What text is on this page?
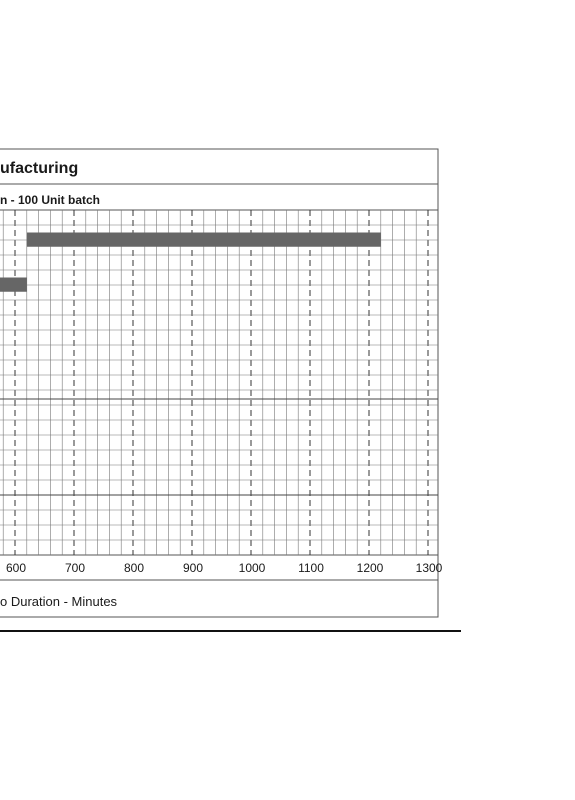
600	700	800	900	1000	1100	1200	1300
ufacturing
n - 100 Unit batch
o Duration - Minutes
